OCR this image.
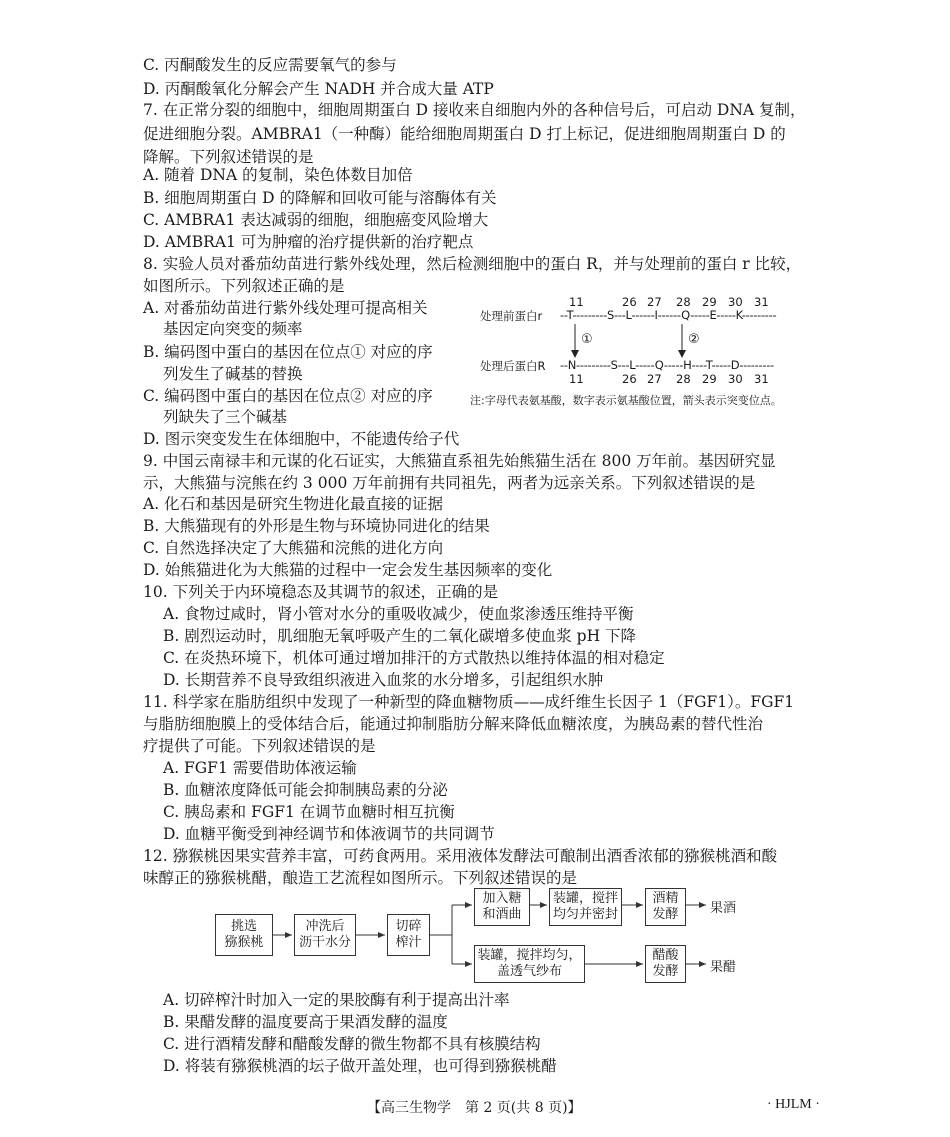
C. 丙酮酸发生的反应需要氧气的参与
D. 丙酮酸氧化分解会产生 NADH 并合成大量 ATP
7. 在正常分裂的细胞中，细胞周期蛋白 D 接收来自细胞内外的各种信号后，可启动 DNA 复制，
促进细胞分裂。AMBRA1（一种酶）能给细胞周期蛋白 D 打上标记，促进细胞周期蛋白 D 的
降解。下列叙述错误的是
A. 随着 DNA 的复制，染色体数目加倍
B. 细胞周期蛋白 D 的降解和回收可能与溶酶体有关
C. AMBRA1 表达减弱的细胞，细胞癌变风险增大
D. AMBRA1 可为肿瘤的治疗提供新的治疗靶点
8. 实验人员对番茄幼苗进行紫外线处理，然后检测细胞中的蛋白 R，并与处理前的蛋白 r 比较，
如图所示。下列叙述正确的是
A. 对番茄幼苗进行紫外线处理可提高相关
基因定向突变的频率
B. 编码图中蛋白的基因在位点① 对应的序
列发生了碱基的替换
C. 编码图中蛋白的基因在位点② 对应的序
列缺失了三个碱基
D. 图示突变发生在体细胞中，不能遗传给子代
处理前蛋白r
处理后蛋白R
11	26 27 28 29 30 31
--T---------S---L------I------Q-----E-----K---------
--N---------S---L-----Q-----H----T-----D---------
①	②
11	26 27 28 29 30 31
注:字母代表氨基酸，数字表示氨基酸位置，箭头表示突变位点。
9. 中国云南禄丰和元谋的化石证实，大熊猫直系祖先始熊猫生活在 800 万年前。基因研究显
示，大熊猫与浣熊在约 3 000 万年前拥有共同祖先，两者为远亲关系。下列叙述错误的是
A. 化石和基因是研究生物进化最直接的证据
B. 大熊猫现有的外形是生物与环境协同进化的结果
C. 自然选择决定了大熊猫和浣熊的进化方向
D. 始熊猫进化为大熊猫的过程中一定会发生基因频率的变化
10. 下列关于内环境稳态及其调节的叙述，正确的是
A. 食物过咸时，肾小管对水分的重吸收减少，使血浆渗透压维持平衡
B. 剧烈运动时，肌细胞无氧呼吸产生的二氧化碳增多使血浆 pH 下降
C. 在炎热环境下，机体可通过增加排汗的方式散热以维持体温的相对稳定
D. 长期营养不良导致组织液进入血浆的水分增多，引起组织水肿
11. 科学家在脂肪组织中发现了一种新型的降血糖物质——成纤维生长因子 1（FGF1）。FGF1
与脂肪细胞膜上的受体结合后，能通过抑制脂肪分解来降低血糖浓度，为胰岛素的替代性治
疗提供了可能。下列叙述错误的是
A. FGF1 需要借助体液运输
B. 血糖浓度降低可能会抑制胰岛素的分泌
C. 胰岛素和 FGF1 在调节血糖时相互抗衡
D. 血糖平衡受到神经调节和体液调节的共同调节
12. 猕猴桃因果实营养丰富，可药食两用。采用液体发酵法可酿制出酒香浓郁的猕猴桃酒和酸
味醇正的猕猴桃醋，酿造工艺流程如图所示。下列叙述错误的是
挑选
猕猴桃
冲洗后
沥干水分
切碎
榨汁
加入糖
和酒曲
装罐，搅拌
均匀并密封
酒精
发酵
装罐，搅拌均匀，
盖透气纱布
醋酸
发酵
果酒
果醋
A. 切碎榨汁时加入一定的果胶酶有利于提高出汁率
B. 果醋发酵的温度要高于果酒发酵的温度
C. 进行酒精发酵和醋酸发酵的微生物都不具有核膜结构
D. 将装有猕猴桃酒的坛子做开盖处理，也可得到猕猴桃醋
【高三生物学　第 2 页(共 8 页)】	· HJLM ·
